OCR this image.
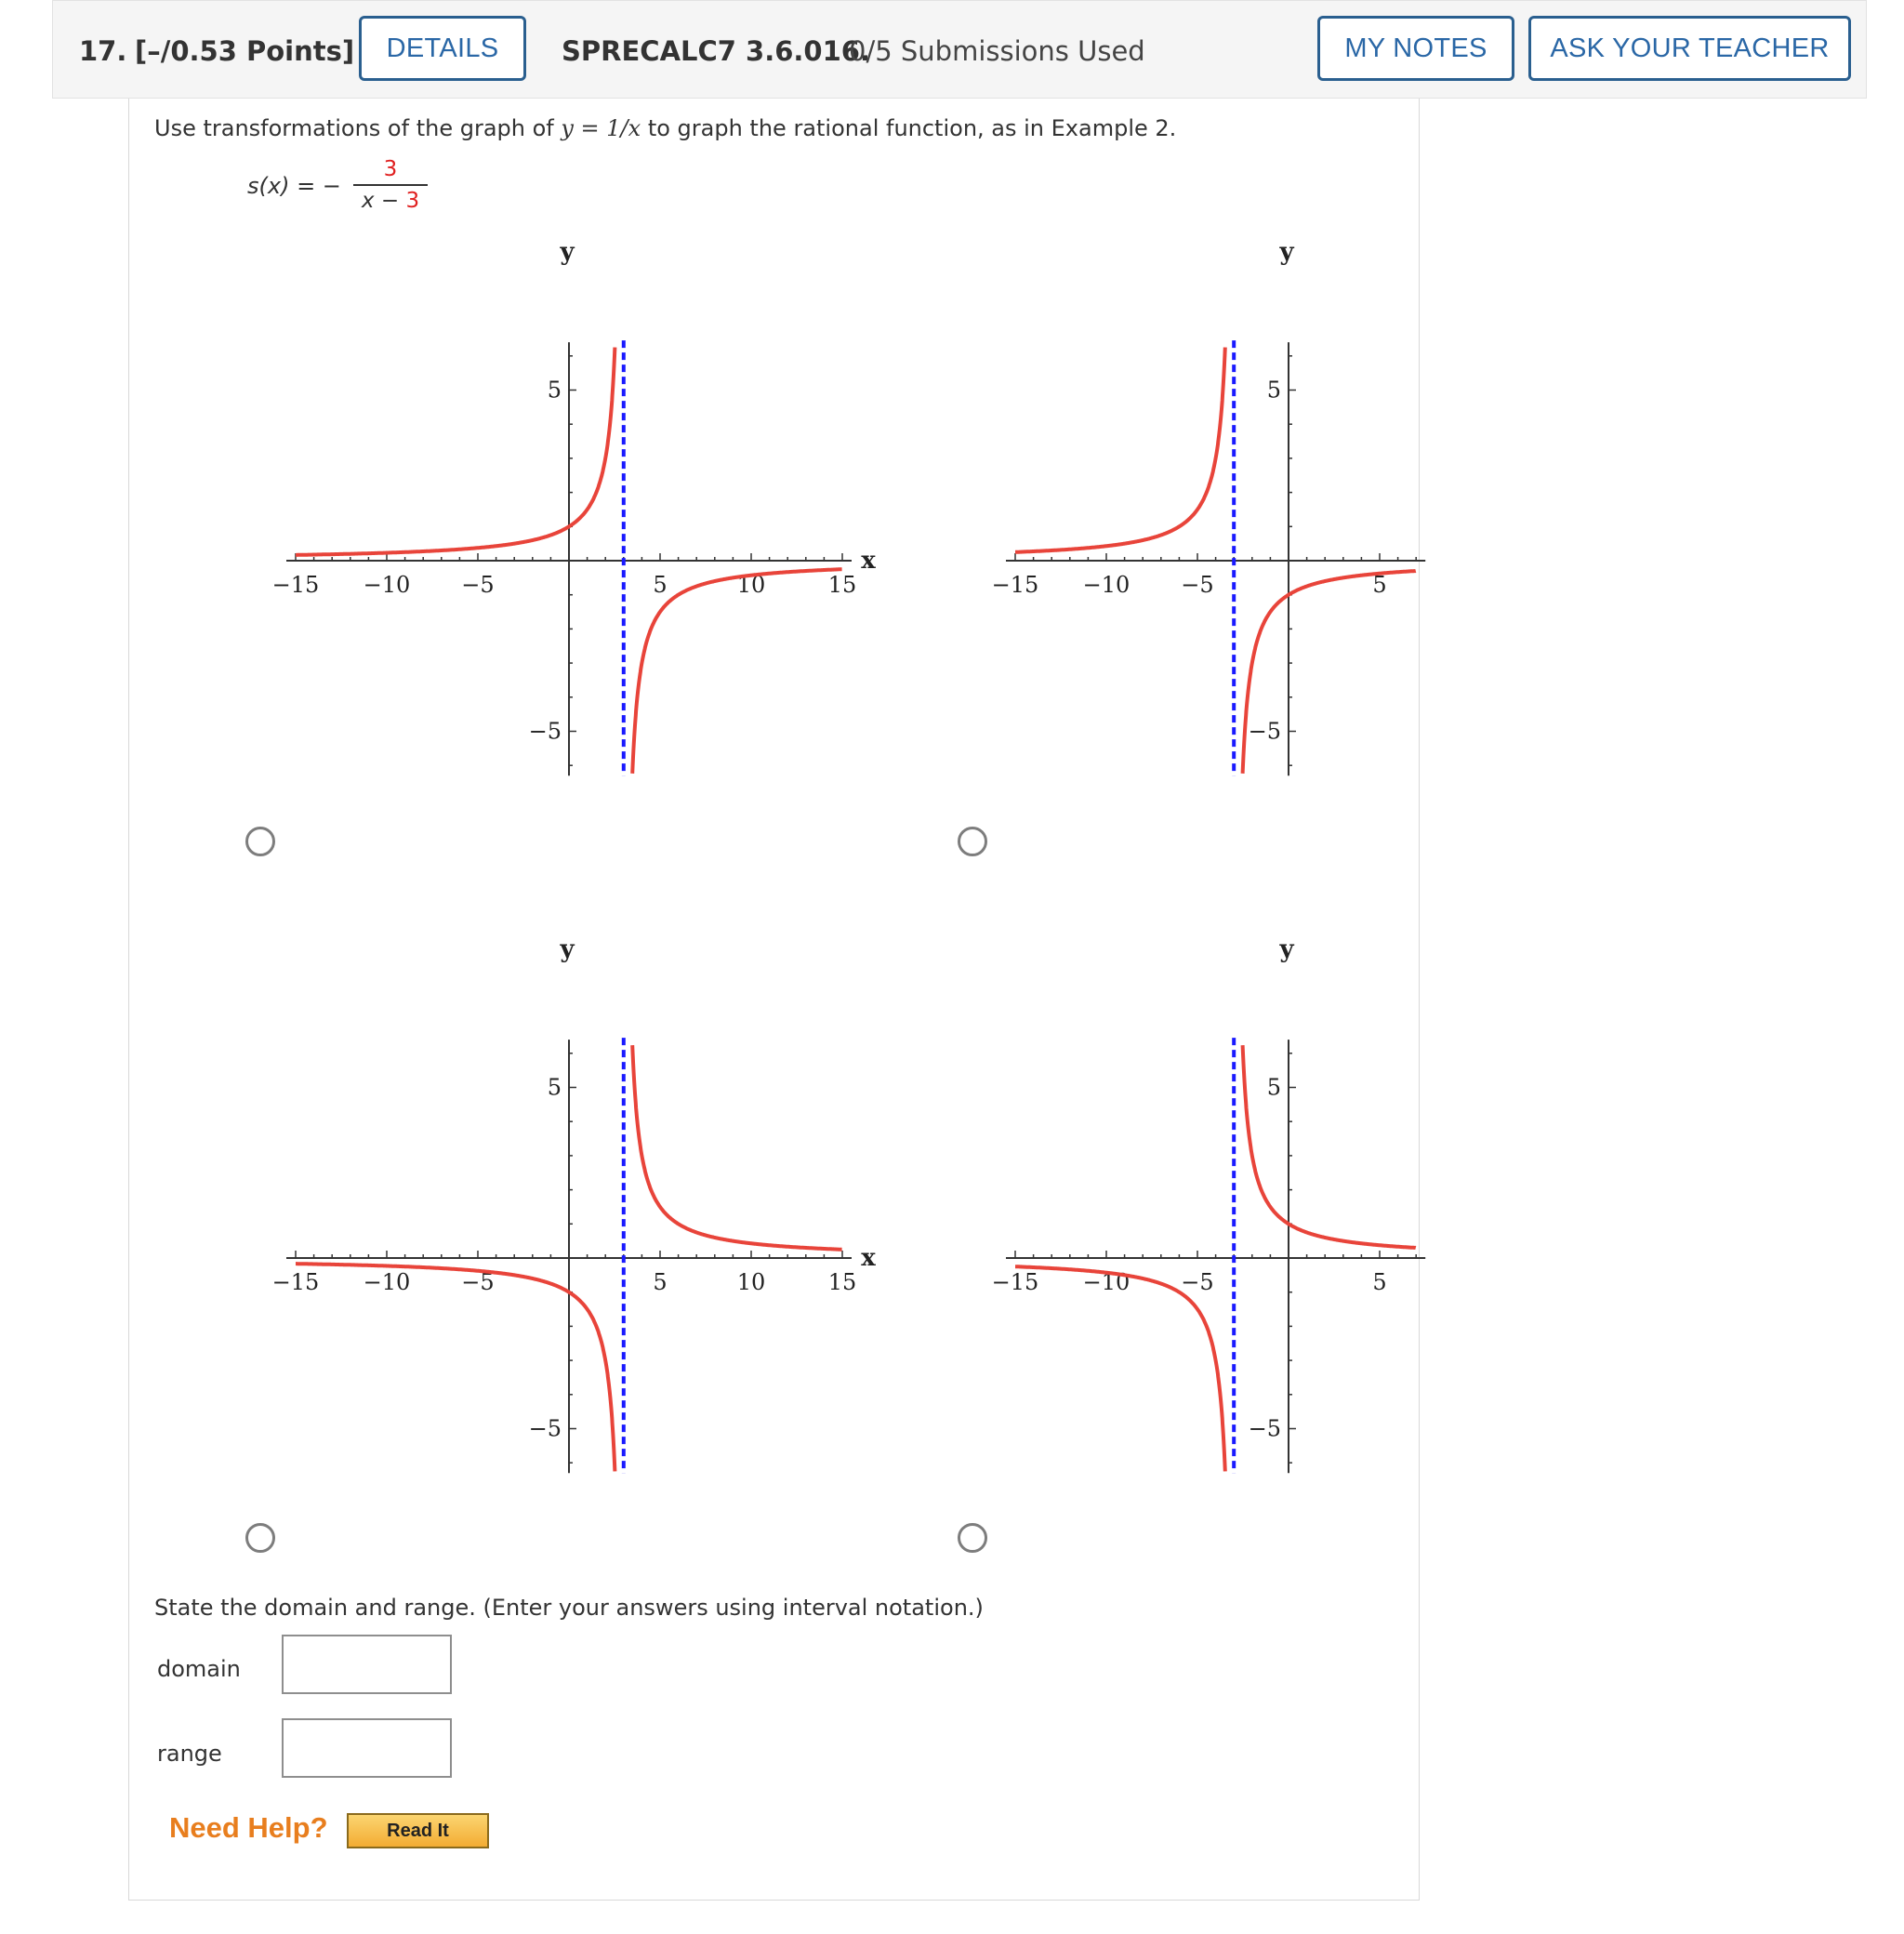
17. [–/0.53 Points]	DETAILS	SPRECALC7 3.6.016.
0/5 Submissions Used	MY NOTES	ASK YOUR TEACHER
Use transformations of the graph of y = 1/x to graph the rational function, as in Example 2.
s(x) = −
3
x − 3
−15 −10 −5	5	10	15
5
−5
y
x
−15 −10 −5	5
5
−5
y
−15 −10 −5	5	10	15
5
−5
y
x
−15 −10 −5	5
5
−5
y
State the domain and range. (Enter your answers using interval notation.)
domain
range
Need Help?	Read It
